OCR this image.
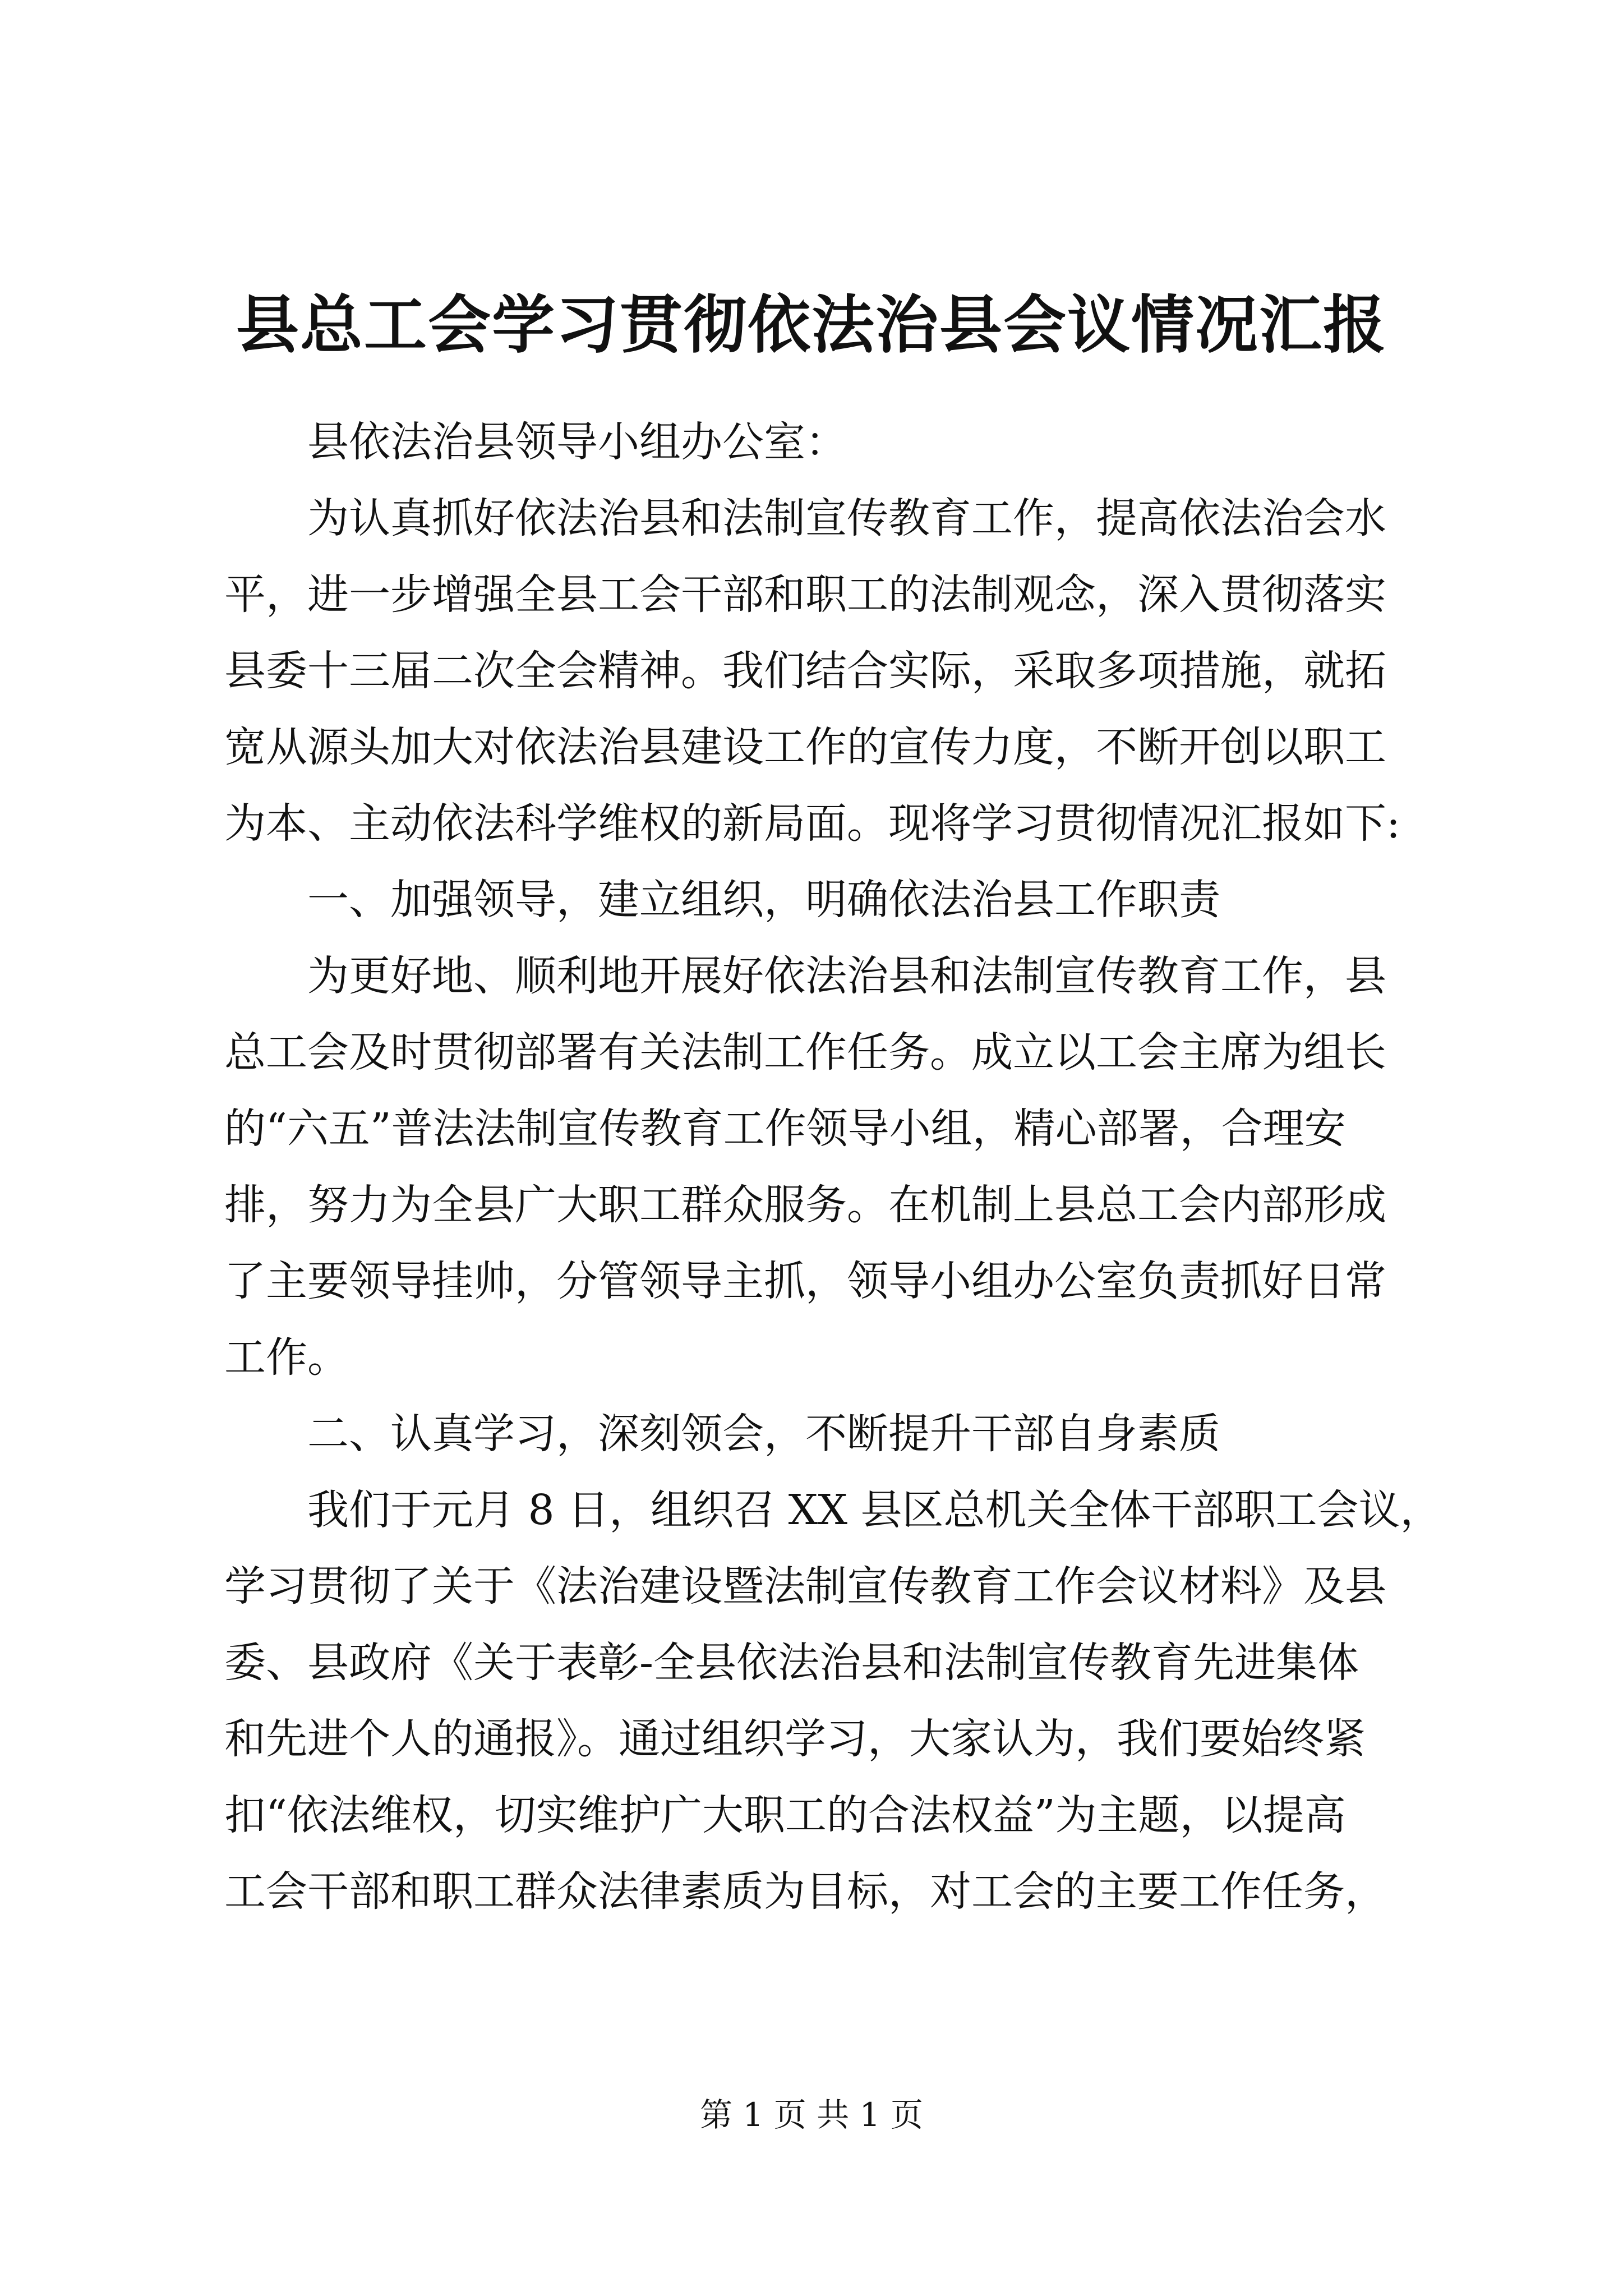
县总工会学习贯彻依法治县会议情况汇报
县依法治县领导小组办公室：
为认真抓好依法治县和法制宣传教育工作，提高依法治会水
平，进一步增强全县工会干部和职工的法制观念，深入贯彻落实
县委十三届二次全会精神。我们结合实际，采取多项措施，就拓
宽从源头加大对依法治县建设工作的宣传力度，不断开创以职工
为本、主动依法科学维权的新局面。现将学习贯彻情况汇报如下:
一、加强领导，建立组织，明确依法治县工作职责
为更好地、顺利地开展好依法治县和法制宣传教育工作，县
总工会及时贯彻部署有关法制工作任务。成立以工会主席为组长
的“六五”普法法制宣传教育工作领导小组，精心部署，合理安
排，努力为全县广大职工群众服务。在机制上县总工会内部形成
了主要领导挂帅，分管领导主抓，领导小组办公室负责抓好日常
工作。
二、认真学习，深刻领会，不断提升干部自身素质
我们于元月 8 日，组织召 XX 县区总机关全体干部职工会议，
学习贯彻了关于《法治建设暨法制宣传教育工作会议材料》及县
委、县政府《关于表彰-全县依法治县和法制宣传教育先进集体
和先进个人的通报》。通过组织学习，大家认为，我们要始终紧
扣“依法维权，切实维护广大职工的合法权益”为主题，以提高
工会干部和职工群众法律素质为目标，对工会的主要工作任务，
第 1 页 共 1 页
